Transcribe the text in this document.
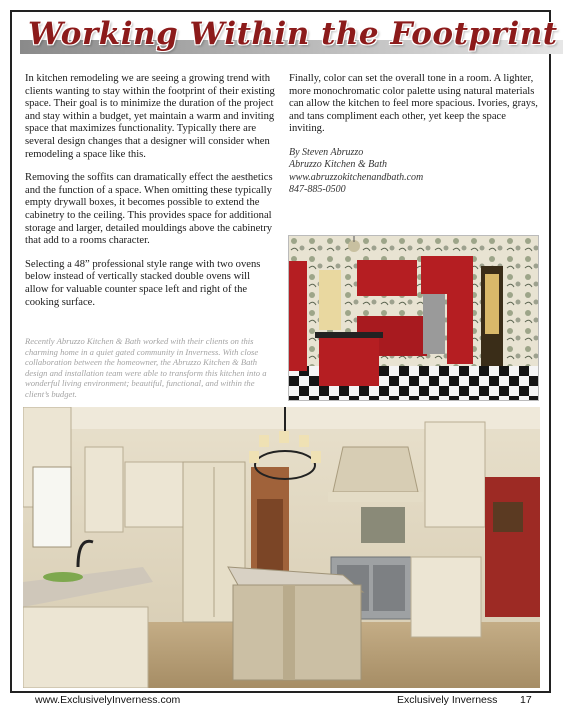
Working Within the Footprint

In kitchen remodeling we are seeing a growing trend with clients wanting to stay within the footprint of their existing space. Their goal is to minimize the duration of the project and stay within a budget, yet maintain a warm and inviting space that maximizes functionality. Typically there are several design changes that a designer will consider when remodeling a space like this.

Removing the soffits can dramatically effect the aesthetics and the function of a space. When omitting these typically empty drywall boxes, it becomes possible to extend the cabinetry to the ceiling. This provides space for additional storage and larger, detailed mouldings above the cabinetry that add to a rooms character.

Selecting a 48” professional style range with two ovens below instead of vertically stacked double ovens will allow for valuable counter space left and right of the cooking surface.

Recently Abruzzo Kitchen & Bath worked with their clients on this charming home in a quiet gated community in Inverness. With close collaboration between the homeowner, the Abruzzo Kitchen & Bath design and installation team were able to transform this kitchen into a wonderful living environment; beautiful, functional, and within the client’s budget.

Finally, color can set the overall tone in a room. A lighter, more monochromatic color palette using natural materials can allow the kitchen to feel more spacious. Ivories, grays, and tans compliment each other, yet keep the space inviting.

By Steven Abruzzo
Abruzzo Kitchen & Bath
www.abruzzokitchenandbath.com
847-885-0500
www.ExclusivelyInverness.com	Exclusively Inverness 17
